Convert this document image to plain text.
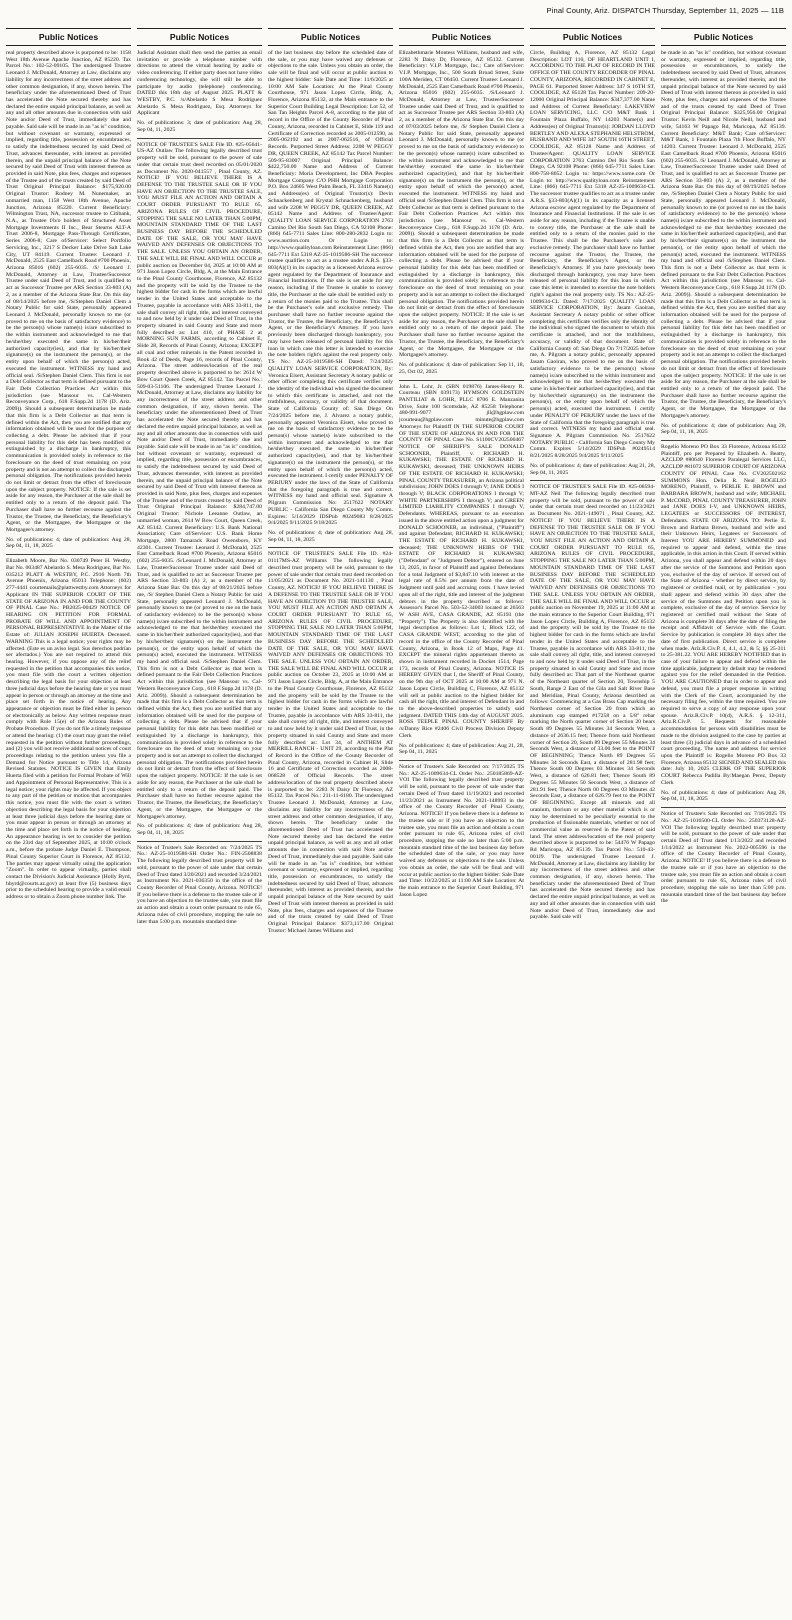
Pinal County, Ariz. DISPATCH Thursday, September 11, 2025 — 11B
Public Notices

real property described above is purported to be: 1158 West 18th Avenue Apache Junction, AZ 85220. Tax Parcel No.: 102-52-09105. The undersigned Trustee Leonard J. McDonald, Attorney at Law, disclaims any liability for any incorrectness of the street address and other common designation, if any, shown herein. The beneficiary under the aforementioned Deed of Trust has accelerated the Note secured thereby and has declared the entire unpaid principal balance, as well as any and all other amounts due in connection with said Note and/or Deed of Trust, immediately due and payable. Said sale will be made in an "as is" condition, but without covenant or warranty, expressed or implied, regarding title, possession or encumbrances, to satisfy the indebtedness secured by said Deed of Trust, advances thereunder, with interest as provided therein, and the unpaid principal balance of the Note secured by said Deed of Trust with interest thereon as provided in said Note, plus fees, charges and expenses of the Trustee and of the trusts created by said Deed of Trust Original Principal Balance: $175,920.00 Original Trustor: Rodney M. Nunemaker, an unmarried man, 1158 West 18th Avenue, Apache Junction, Arizona 85220. Current Beneficiary: Wilmington Trust, NA, successor trustee to Citibank, N.A., as Trustee f/b/o holders of Structured Asset Mortgage Investments II Inc., Bear Stearns ALT-A Trust 2006-8, Mortgage Pass-Through Certificates, Series 2006-8; Care of/Servicer: Select Portfolio Servicing, Inc., 3217 S Decker Lake Drive Salt Lake City, UT 84119. Current Trustee: Leonard J. McDonald, 2525 East Camelback Road #700 Phoenix, Arizona 85016 (602) 255-6035. /S/ Leonard J. McDonald, Attorney at Law, Trustee/Successor Trustee under said Deed of Trust, and is qualified to act as Successor Trustee per ARS Section 33-803 (A) 2, as a member of the Arizona State Bar. On this day of 08/14/2025 before me, /S/Stephen Daniel Clem a Notary Public for said State, personally appeared Leonard J. McDonald, personally known to me (or proved to me on the basis of satisfactory evidence) to be the person(s) whose name(s) is/are subscribed to the within instrument and acknowledged to me that he/she/they executed the same in his/her/their authorized capacity(ies), and that by his/her/their signature(s) on the instrument the person(s), or the entity upon behalf of which the person(s) acted, executed the instrument. WITNESS my hand and official seal. /S/Stephen Daniel Clem. This firm is not a Debt Collector as that term is defined pursuant to the Fair Debt Collection Practices Act within this jurisdiction (see Mansour vs. Cal-Western Reconveyance Corp., 618 F.Supp.2d 1178 (D. Ariz. 2009)). Should a subsequent determination be made that this firm is a Debt Collector as that term is defined within the Act, then you are notified that any information obtained will be used for the purpose of collecting a debt. Please be advised that if your personal liability for this debt has been modified or extinguished by a discharge in bankruptcy, this communication is provided solely in reference to the foreclosure on the deed of trust remaining on your property and is not an attempt to collect the discharged personal obligation. The notifications provided herein do not limit or detract from the effect of foreclosure upon the subject property. NOTICE: If the sale is set aside for any reason, the Purchaser at the sale shall be entitled only to a return of the deposit paid. The Purchaser shall have no further recourse against the Trustor, the Trustee, the Beneficiary, the Beneficiary's Agent, or the Mortgagee, the Mortgagee or the Mortgagee's attorney.

No. of publications: 4; date of publication: Aug 28, Sep 04, 11, 18, 2025

Elizabeth Moore, Bar No. 030749 Peter H. Westby, Bar No. 003487 Abelardo S. Mesa Rodriguez, Bar No. 035212 PLATT & WESTBY, P.C. 2916 North 7th Avenue Phoenix, Arizona 85013 Telephone: (602) 277-4441 courtemails@plattwestby.com Attorneys for Applicant IN THE SUPERIOR COURT OF THE STATE OF ARIZONA IN AND FOR THE COUNTY OF PINAL Case No.: PB2025-00429 NOTICE OF HEARING ON PETITION FOR FORMAL PROBATE OF WILL AND APPOINTMENT OF PERSONAL REPRESENTATIVE In the Matter of the Estate of: JULIAN JOSEPH HUERTA Deceased. WARNING This is a legal notice; your rights may be affected. (Este es un aviso legal. Sus derechos podrían ser afectados.) You are not required to attend this hearing. However, if you oppose any of the relief requested in the petition that accompanies this notice, you must file with the court a written objection describing the legal basis for your objection at least three judicial days before the hearing date or you must appear in person or through an attorney at the time and place set forth in the notice of hearing. Any appearance or objection must be filed either in person or electronically as below. Any written response must comply with Rule 15(e) of the Arizona Rules of Probate Procedure. If you do not file a timely response or attend the hearing: (1) the court may grant the relief requested in the petition without further proceedings, and (2) you will not receive additional notices of court proceedings relating to the petition unless you file a Demand for Notice pursuant to Title 14, Arizona Revised Statutes. NOTICE IS GIVEN that Emily Huerta filed with a petition for Formal Probate of Will and Appointment of Personal Representative. This is a legal notice; your rights may be affected. If you object to any part of the petition or motion that accompanies this notice, you must file with the court a written objection describing the legal basis for your objection at least three judicial days before the hearing date or you must appear in person or through an attorney at the time and place set forth in the notice of hearing. An appearance hearing is set to consider the petition on the 23rd day of September 2025, at 10:00 o'clock a.m., before the probate Judge Daniel E. Thompson, Pinal County Superior Court in Florence, AZ 85132. The parties may appear virtually using the application "Zoom". In order to appear virtually, parties shall contact the Division's Judicial Assistance (Holly Byrd, hbyrd@courts.az.gov) at least five (5) business days prior to the scheduled hearing to provide a valid email address or to obtain a Zoom phone number link. The

Public Notices

Judicial Assistant shall then send the parties an email invitation or provide a telephone number with directions to attend the virtual hearing by audio or video conferencing. If either party does not have video conferencing technology, she will still be able to participate by audio (telephone) conferencing. DATED this 18th day of August 2025. PLATT & WESTBY, P.C. /s/Abelardo S Mesa Rodriguez Abelardo S. Mesa Rodriguez, Esq. Attorneys for Applicant

No. of publications: 3; date of publication: Aug 28, Sep 04, 11, 2025

NOTICE OF TRUSTEE'S SALE File ID. #25-05641-US-AZ Outlaw The following legally described trust property will be sold, pursuant to the power of sale under that certain trust deed recorded on 05/01/2020 as Document No. 2020-041557 , Pinal County, AZ. NOTICE! IF YOU BELIEVE THERE IS A DEFENSE TO THE TRUSTEE SALE OR IF YOU HAVE AN OBJECTION TO THE TRUSTEE SALE, YOU MUST FILE AN ACTION AND OBTAIN A COURT ORDER PURSUANT TO RULE 65, ARIZONA RULES OF CIVIL PROCEDURE, STOPPING THE SALE NO LATER THAN 5:00PM, MOUNTAIN STANDARD TIME OF THE LAST BUSINESS DAY BEFORE THE SCHEDULED DATE OF THE SALE, OR YOU MAY HAVE WAIVED ANY DEFENSES OR OBJECTIONS TO THE SALE. UNLESS YOU OBTAIN AN ORDER, THE SALE WILL BE FINAL AND WILL OCCUR at public auction on December 04, 2025 at 10:00 AM at 971 Jason Lopez Circle, Bldg. A, at the Main Entrance to the Pinal County Courthouse, Florence, AZ 85132 and the property will be sold by the Trustee to the highest bidder for cash in the forms which are lawful tender in the United States and acceptable to the Trustee, payable in accordance with ARS 33-811, the sale shall convey all right, title, and interest conveyed to and now held by it under said Deed of Trust, in the property situated in said County and State and more fully described as: Lot 410, of PHASE 2 at MORNING SUN FARMS, according to Cabinet E, Slide 28, Records of Pinal County, Arizona; EXCEPT all coal and other minerals in the Patent recorded in Book 42 of Deeds, Page 16, records of Pinal County, Arizona. The street address/location of the real property described above is purported to be: 2614 W Bow Court Queen Creek, AZ 85142. Tax Parcel No.: 509-03-51106. The undersigned Trustee Leonard J. McDonald, Attorney at Law, disclaims any liability for any incorrectness of the street address and other common designation, if any, shown herein. The beneficiary under the aforementioned Deed of Trust has accelerated the Note secured thereby and has declared the entire unpaid principal balance, as well as any and all other amounts due in connection with said Note and/or Deed of Trust, immediately due and payable. Said sale will be made in an "as is" condition, but without covenant or warranty, expressed or implied, regarding title, possession or encumbrances, to satisfy the indebtedness secured by said Deed of Trust, advances thereunder, with interest as provided therein, and the unpaid principal balance of the Note secured by said Deed of Trust with interest thereon as provided in said Note, plus fees, charges and expenses of the Trustee and of the trusts created by said Deed of Trust Original Principal Balance: $284,747.00 Original Trustor: Nichole Leeanne Outlaw, an unmarried woman, 2614 W Bow Court, Queen Creek, AZ 85142. Current Beneficiary: U.S. Bank National Association; Care of/Servicer: U.S. Bank Home Mortgage, 2800 Tamarack Road Owensboro, KY 42301. Current Trustee: Leonard J. McDonald, 2525 East Camelback Road #700 Phoenix, Arizona 85016 (602) 255-6035. /S/Leonard J. McDonald, Attorney at Law, Trustee/Successor Trustee under said Deed of Trust, and is qualified to act as Successor Trustee per ARS Section 33-803 (A) 2, as a member of the Arizona State Bar. On this day of 08/21/2025 before me, /S/ Stephen Daniel Clem a Notary Public for said State, personally appeared Leonard J. McDonald, personally known to me (or proved to me on the basis of satisfactory evidence) to be the person(s) whose name(s) is/are subscribed to the within instrument and acknowledged to me that he/she/they executed the same in his/her/their authorized capacity(ies), and that by his/her/their signature(s) on the instrument the person(s), or the entity upon behalf of which the person(s) acted, executed the instrument. WITNESS my hand and official seal. /S/Stephen Daniel Clem. This firm is not a Debt Collector as that term is defined pursuant to the Fair Debt Collection Practices Act within this jurisdiction (see Mansour vs. Cal-Western Reconveyance Corp., 618 F.Supp.2d 1178 (D. Ariz. 2009)). Should a subsequent determination be made that this firm is a Debt Collector as that term is defined within the Act, then you are notified that any information obtained will be used for the purpose of collecting a debt. Please be advised that if your personal liability for this debt has been modified or extinguished by a discharge in bankruptcy, this communication is provided solely in reference to the foreclosure on the deed of trust remaining on your property and is not an attempt to collect the discharged personal obligation. The notifications provided herein do not limit or detract from the effect of foreclosure upon the subject property. NOTICE: If the sale is set aside for any reason, the Purchaser at the sale shall be entitled only to a return of the deposit paid. The Purchaser shall have no further recourse against the Trustor, the Trustee, the Beneficiary, the Beneficiary's Agent, or the Mortgagee, the Mortgagee or the Mortgagee's attorney.

No. of publications: 4; date of publication: Aug 28, Sep 04, 11, 18, 2025

Notice of Trustee's Sale Recorded on: 7/24/2025 TS No.: AZ-25-1019586-SH Order No.: FIN-2508838 The following legally described trust property will be sold, pursuant to the power of sale under that certain Deed of Trust dated 3/20/2021 and recorded 3/24/2021 as Instrument No. 2021-036350 in the office of the County Recorder of Pinal County, Arizona. NOTICE! If you believe there is a defense to the trustee sale or if you have an objection to the trustee sale, you must file an action and obtain a court order pursuant to rule 65, Arizona rules of civil procedure, stopping the sale no later than 5:00 p.m. mountain standard time

Public Notices

of the last business day before the scheduled date of the sale, or you may have waived any defenses or objections to the sale. Unless you obtain an order, the sale will be final and will occur at public auction to the highest bidder: Sale Date and Time: 11/6/2025 at 10:00 AM Sale Location: At the Pinal County Courthouse, 971 Jason Lopez Circle, Bldg. A, Florence, Arizona 85132, at the Main entrance to the Superior Court Building Legal Description: Lot 52, of San Tan Heights Parcel A-8, according to the plat of record in the Office of the County Recorder of Pinal County, Arizona, recorded in Cabinet E, Slide 119 and Certificate of Correction recorded as 2005-012590, as 2005-062192 and as 2007-062516, of Official Records. Purported Street Address: 2208 W PEGGY DR, QUEEN CREEK, AZ 85142 Tax Parcel Number: 509-95-83007 Original Principal Balance: $422,750.00 Name and Address of Current Beneficiary: Moria Development, Inc DBA Peoples Mortgage Company C/O PHH Mortgage Corporation P.O. Box 24605 West Palm Beach, FL 33416 Name(s) and Address(es) of Original Trustor(s): Devin Schnackenberg and Krystal Schnackenberg, husband and wife 2208 W PEGGY DR, QUEEN CREEK, AZ 85142 Name and Address of Trustee/Agent: QUALITY LOAN SERVICE CORPORATION 2763 Camino Del Rio South San Diego, CA 92108 Phone: (866) 645-7711 Sales Line: 800-280-2832 Login to: www.auction.com Or Login to: http://www.qualityloan.com Reinstatement Line: (866) 645-7711 Ext 5318 AZ-25-1019586-SH The successor trustee qualifies to act as a trustee under A.R.S. §33-803(A)(1) in its capacity as a licensed Arizona escrow agent regulated by the Department of Insurance and Financial Institutions. If the sale is set aside for any reason, including if the Trustee is unable to convey title, the Purchaser at the sale shall be entitled only to a return of the monies paid to the Trustee. This shall be the Purchaser's sole and exclusive remedy. The purchaser shall have no further recourse against the Trustor, the Trustee, the Beneficiary, the Beneficiary's Agent, or the Beneficiary's Attorney. If you have previously been discharged through bankruptcy, you may have been released of personal liability for this loan in which case this letter is intended to exercise the note holders right's against the real property only. TS No.: AZ-25-1019586-SH Dated: 7/24/2025 QUALITY LOAN SERVICE CORPORATION, By: Veronica Eisert, Assistant Secretary A notary public or other officer completing this certificate verifies only the identity of the individual who signed the document to which this certificate is attached, and not the truthfulness, accuracy, or validity of that document. State of California County of: San Diego On 7/24/2025 before me, J. Alvarez a notary public, personally appeared Veronica Eisert, who proved to me on the basis of satisfactory evidence to be the person(s) whose name(s) is/are subscribed to the within instrument and acknowledged to me that he/she/they executed the same in his/her/their authorized capacity(ies), and that by his/her/their signature(s) on the instrument the person(s), or the entity upon behalf of which the person(s) acted, executed the instrument. I certify under PENALTY OF PERJURY under the laws of the State of California that the foregoing paragraph is true and correct. WITNESS my hand and official seal. Signature A Pilgram Commission No: 2517622 NOTARY PUBLIC - California San Diego County My Comm. Expires: 5/14/2029 IDSPub #0249083 8/28/2025 9/4/2025 9/11/2025 9/18/2025

No. of publications: 4; date of publication: Aug 28, Sep 04, 11, 18, 2025

NOTICE OF TRUSTEE'S SALE File ID. #24-01117MS-AZ Williams The following legally described trust property will be sold, pursuant to the power of sale under that certain trust deed recorded on 11/05/2021 as Document No. 2021-141130 , Pinal County, AZ. NOTICE! IF YOU BELIEVE THERE IS A DEFENSE TO THE TRUSTEE SALE OR IF YOU HAVE AN OBJECTION TO THE TRUSTEE SALE, YOU MUST FILE AN ACTION AND OBTAIN A COURT ORDER PURSUANT TO RULE 65, ARIZONA RULES OF CIVIL PROCEDURE, STOPPING THE SALE NO LATER THAN 5:00PM, MOUNTAIN STANDARD TIME OF THE LAST BUSINESS DAY BEFORE THE SCHEDULED DATE OF THE SALE, OR YOU MAY HAVE WAIVED ANY DEFENSES OR OBJECTIONS TO THE SALE. UNLESS YOU OBTAIN AN ORDER, THE SALE WILL BE FINAL AND WILL OCCUR at public auction on October 23, 2025 at 10:00 AM at 971 Jason Lopez Circle, Bldg. A, at the Main Entrance to the Pinal County Courthouse, Florence, AZ 85132 and the property will be sold by the Trustee to the highest bidder for cash in the forms which are lawful tender in the United States and acceptable to the Trustee, payable in accordance with ARS 33-811, the sale shall convey all right, title, and interest conveyed to and now held by it under said Deed of Trust, in the property situated in said County and State and more fully described as: Lot 34, of ANTHEM AT MERRILL RANCH - UNIT 29, according to the Plat of Record in the Office of the County Recorder of Pinal County, Arizona, recorded in Cabinet H, Slide 16 and Certificate of Correction recorded as 2008-068528 of Official Records. The street address/location of the real property described above is purported to be: 2283 N Daisy Dr Florence, AZ 85132. Tax Parcel No.: 211-11-6180. The undersigned Trustee Leonard J. McDonald, Attorney at Law, disclaims any liability for any incorrectness of the street address and other common designation, if any, shown herein. The beneficiary under the aforementioned Deed of Trust has accelerated the Note secured thereby and has declared the entire unpaid principal balance, as well as any and all other amounts due in connection with said Note and/or Deed of Trust, immediately due and payable. Said sale will be made in an "as is" condition, but without covenant or warranty, expressed or implied, regarding title, possession or encumbrances, to satisfy the indebtedness secured by said Deed of Trust, advances thereunder, with interest as provided therein, and the unpaid principal balance of the Note secured by said Deed of Trust with interest thereon as provided in said Note, plus fees, charges and expenses of the Trustee and of the trusts created by said Deed of Trust Original Principal Balance: $373,117.00 Original Trustor: Michael James Williams and

Public Notices

Elizabethmarie Montess Williams, husband and wife, 2283 N Daisy Dr, Florence, AZ 85132. Current Beneficiary: V.I.P. Mortgage, Inc.; Care of/Servicer: V.I.P. Mortgage, Inc., 500 South Broad Street, Suite 100A Meriden, CT 06450. Current Trustee: Leonard J. McDonald, 2525 East Camelback Road #700 Phoenix, Arizona 85016 (602) 255-6035. /S/Leonard J. McDonald, Attorney at Law, Trustee/Successor Trustee under said Deed of Trust, and is qualified to act as Successor Trustee per ARS Section 33-803 (A) 2, as a member of the Arizona State Bar. On this day of 07/03/2025 before me, /S/ Stephen Daniel Clem a Notary Public for said State, personally appeared Leonard J. McDonald, personally known to me (or proved to me on the basis of satisfactory evidence) to be the person(s) whose name(s) is/are subscribed to the within instrument and acknowledged to me that he/she/they executed the same in his/her/their authorized capacity(ies), and that by his/her/their signature(s) on the instrument the person(s), or the entity upon behalf of which the person(s) acted, executed the instrument. WITNESS my hand and official seal /S/Stephen Daniel Clem. This firm is not a Debt Collector as that term is defined pursuant to the Fair Debt Collection Practices Act within this jurisdiction (see Mansour vs. Cal-Western Reconveyance Corp., 618 F.Supp.2d 1178 (D. Ariz. 2009)). Should a subsequent determination be made that this firm is a Debt Collector as that term is defined within the Act, then you are notified that any information obtained will be used for the purpose of collecting a debt. Please be advised that if your personal liability for this debt has been modified or extinguished by a discharge in bankruptcy, this communication is provided solely in reference to the foreclosure on the deed of trust remaining on your property and is not an attempt to collect the discharged personal obligation. The notifications provided herein do not limit or detract from the effect of foreclosure upon the subject property. NOTICE: If the sale is set aside for any reason, the Purchaser at the sale shall be entitled only to a return of the deposit paid. The Purchaser shall have no further recourse against the Trustor, the Trustee, the Beneficiary, the Beneficiary's Agent, or the Mortgagee, the Mortgagee or the Mortgagee's attorney.

No. of publications: 4; date of publication: Sep 11, 18, 25, Oct 02, 2025

John L. Lohr, Jr. (SBN 019876) James-Henry R. Courteau (SBN 039173) HYMSON GOLDSTEIN PANTILIAT & LOHR, PLLC 8706 E. Manzanita Drive, Suite 100 Scottsdale, AZ 85258 Telephone: 480-991-9077 jll@hgplaw.com jcourteau@hgplaw.com minute@hgplaw.com Attorneys for Plaintiff IN THE SUPERIOR COURT OF THE STATE OF ARIZONA IN AND FOR THE COUNTY OF PINAL Case No. S1100CV202500467 NOTICE OF SHERIFF'S SALE DONALD SCHOONER, Plaintiff, v. RICHARD H. KUKAWSKI; THE ESTATE OF RICHARD H. KUKAWSKI, deceased; THE UNKNOWN HEIRS OF THE ESTATE OF RICHARD H. KUKAWSKI; PINAL COUNTY TREASURER, an Arizona political subdivision; JOHN DOES I through V; JANE DOES I through V; BLACK CORPORATIONS I through V; WHITE PARTNERSHIPS I through V; and GREEN LIMITED LIABILITY COMPANIES I through V, Defendants. WHEREAS, pursuant to an execution issued in the above entitled action upon a judgment for DONALD SCHOONER, an individual, ("Plaintiff") and against Defendant, RICHARD H. KUKAWSKI; THE ESTATE OF RICHARD H. KUKAWSKI, deceased; THE UNKNOWN HEIRS OF THE ESTATE OF RICHARD H. KUKAWSKI ("Defendant" or "Judgment Debtor"), entered on June 13, 2025, in favor of Plaintiff and against Defendants for a total Judgment of $3,847.10 with interest at the legal rate of 8.5% per annum from the date of Judgment until paid and accruing costs. I have levied upon all of the right, title and interest of the judgment debtors in the property described as follows: Assessor's Parcel No. 503-52-34003 located at 26563 W ASH AVE, CASA GRANDE, AZ 85193 (the "Property"). The Property is also identified with the legal description as follows: Lot 1, Block 122, of CASA GRANDE WEST, according to the plat of record in the office of the County Recorder of Pinal County, Arizona, in Book 12 of Maps, Page 41. EXCEPT the mineral rights appurtenant thereto as shown in instrument recorded in Docket 1514, Page 173, records of Pinal County, Arizona. NOTICE IS HEREBY GIVEN that I, the Sheriff of Pinal County, on the 9th day of OCT 2025 at 10:00 AM at 971 N. Jason Lopez Circle, Building C, Florence, AZ 85132 will sell at public auction to the highest bidder for cash all the right, title and interest of Defendant in and to the above-described properties to satisfy said judgment. DATED THIS 14th day of AUGUST 2025. ROSS TEEPLE PINAL COUNTY SHERIFF By /s/Danny Rice #2406 Civil Process Division Deputy Clerk

No. of publications: 4; date of publication: Aug 21, 28, Sep 04, 11, 2025

Notice of Trustee's Sale Recorded on: 7/17/2025 TS No.: AZ-25-1009634-CL Order No.: 250185869-AZ-VOI The following legally described trust property will be sold, pursuant to the power of sale under that certain Deed of Trust dated 11/19/2021 and recorded 11/23/2021 as Instrument No. 2021-148993 in the office of the County Recorder of Pinal County, Arizona. NOTICE! If you believe there is a defense to the trustee sale or if you have an objection to the trustee sale, you must file an action and obtain a court order pursuant to rule 65, Arizona rules of civil procedure, stopping the sale no later than 5:00 p.m. mountain standard time of the last business day before the scheduled date of the sale, or you may have waived any defenses or objections to the sale. Unless you obtain an order, the sale will be final and will occur at public auction to the highest bidder: Sale Date and Time: 10/22/2025 at 11:00 AM Sale Location: At the main entrance to the Superior Court Building, 971 Jason Lopez

Public Notices

Circle, Building A, Florence, AZ 85132 Legal Description: LOT 110, OF HEARTLAND UNIT I, ACCORDING TO THE PLAT OF RECORD IN THE OFFICE OF THE COUNTY RECORDER OF PINAL COUNTY, ARIZONA, RECORDED IN CABINET E, PAGE 61. Purported Street Address: 347 S 16TH ST, COOLIDGE, AZ 85128 Tax Parcel Number: 209-20-12000 Original Principal Balance: $347,377.00 Name and Address of Current Beneficiary: LAKEVIEW LOAN SERVICING, LLC C/O M&T Bank 1 Fountain Plaza Buffalo, NY 14203 Name(s) and Address(es) of Original Trustor(s): JORDAN LLOYD BERTLEY AND ALEXA STEPHANIE HELSTROM, HUSBAND AND WIFE 347 SOUTH 16TH STREET, COOLIDGE, AZ 85128 Name and Address of Trustee/Agent: QUALITY LOAN SERVICE CORPORATION 2763 Camino Del Rio South San Diego, CA 92108 Phone: (866) 645-7711 Sales Line: 800-758-8052 Login to: https://www.xome.com Or Login to: http://www.qualityloan.com Reinstatement Line: (866) 645-7711 Ext 5318 AZ-25-1009634-CL The successor trustee qualifies to act as a trustee under A.R.S. §33-803(A)(1) in its capacity as a licensed Arizona escrow agent regulated by the Department of Insurance and Financial Institutions. If the sale is set aside for any reason, including if the Trustee is unable to convey title, the Purchaser at the sale shall be entitled only to a return of the monies paid to the Trustee. This shall be the Purchaser's sole and exclusive remedy. The purchaser shall have no further recourse against the Trustor, the Trustee, the Beneficiary, the Beneficiary's Agent, or the Beneficiary's Attorney. If you have previously been discharged through bankruptcy, you may have been released of personal liability for this loan in which case this letter is intended to exercise the note holders right's against the real property only. TS No.: AZ-25-1009634-CL Dated: 7/17/2025 QUALITY LOAN SERVICE CORPORATION, By: Jasam Gaoiran, Assistant Secretary A notary public or other officer completing this certificate verifies only the identity of the individual who signed the document to which this certificate is attached, and not the truthfulness, accuracy, or validity of that document. State of: California County of: San Diego On 7/17/2025 before me, A. Pilgram a notary public, personally appeared Jasam Gaoiran, who proved to me on the basis of satisfactory evidence to be the person(s) whose name(s) is/are subscribed to the within instrument and acknowledged to me that he/she/they executed the same in his/her/their authorized capacity(ies), and that by his/her/their signature(s) on the instrument the person(s), or the entity upon behalf of which the person(s) acted, executed the instrument. I certify under PENALTY OF PERJURY under the laws of the State of California that the foregoing paragraph is true and correct. WITNESS my hand and official seal. Signature A. Pilgram Commission No. 2517622 NOTARY PUBLIC - California San Diego County My Comm. Expires 5/14/2029 IDSPub #0249514 8/21/2025 8/28/2025 9/4/2025 9/11/2025

No. of publications: 4; date of publication: Aug 21, 28, Sep 04, 11, 2025

NOTICE OF TRUSTEE'S SALE File ID. #25-08594-MT-AZ Neil The following legally described trust property will be sold, pursuant to the power of sale under that certain trust deed recorded on 11/23/2021 as Document No. 2021-149071 , Pinal County, AZ. NOTICE! IF YOU BELIEVE THERE IS A DEFENSE TO THE TRUSTEE SALE OR IF YOU HAVE AN OBJECTION TO THE TRUSTEE SALE, YOU MUST FILE AN ACTION AND OBTAIN A COURT ORDER PURSUANT TO RULE 65, ARIZONA RULES OF CIVIL PROCEDURE, STOPPING THE SALE NO LATER THAN 5:00PM, MOUNTAIN STANDARD TIME OF THE LAST BUSINESS DAY BEFORE THE SCHEDULED DATE OF THE SALE, OR YOU MAY HAVE WAIVED ANY DEFENSES OR OBJECTIONS TO THE SALE. UNLESS YOU OBTAIN AN ORDER, THE SALE WILL BE FINAL AND WILL OCCUR at public auction on November 19, 2025 at 11:00 AM at the main entrance to the Superior Court Building, 971 Jason Lopez Circle, Building A, Florence, AZ 85132 and the property will be sold by the Trustee to the highest bidder for cash in the forms which are lawful tender in the United States and acceptable to the Trustee, payable in accordance with ARS 33-811, the sale shall convey all right, title, and interest conveyed to and now held by it under said Deed of Trust, in the property situated in said County and State and more fully described as: That part of the Northeast quarter of the Northeast quarter of Section 20, Township 5 South, Range 2 East of the Gila and Salt River Base and Meridian, Pinal County, Arizona described as follows: Commencing at a Gas Brass Cap marking the Northeast corner of Section 20 from which an aluminum cap stamped #17258 on a 5/8" rebar marking the North quarter corner of Section 20 bears South 89 Degrees 55 Minutes 34 Seconds West, a distance of 2636.15 feet; Thence from said Northeast corner of Section 20, South 89 Degrees 55 Minutes 34 Seconds West, a distance of 33.00 feet to the POINT OF BEGINNING; Thence North 89 Degrees 55 Minutes 34 Seconds East, a distance of 281.98 feet; Thence South 00 Degrees 03 Minutes 34 Seconds West, a distance of 626.81 feet; Thence South 89 Degrees 55 Minutes 50 Seconds West, a distance of 281.91 feet; Thence North 00 Degrees 03 Minutes 42 Seconds East, a distance of 626.79 feet to the POINT OF BEGINNING. Except all minerals and all uranium, thorium or any other material which is or may be determined to be peculiarly essential to the production of fissionable materials, whether or not of commercial value as reserved in the Patent of said land. The street address/location of the real property described above is purported to be: 54476 W Papago Rd Maricopa, AZ 85139. Tax Parcel No.: 510-43-001J9. The undersigned Trustee Leonard J. McDonald, Attorney at Law, disclaims any liability for any incorrectness of the street address and other common designation, if any, shown herein. The beneficiary under the aforementioned Deed of Trust has accelerated the Note secured thereby and has declared the entire unpaid principal balance, as well as any and all other amounts due in connection with said Note and/or Deed of Trust, immediately due and payable. Said sale will

Public Notices

be made in an "as is" condition, but without covenant or warranty, expressed or implied, regarding title, possession or encumbrances, to satisfy the indebtedness secured by said Deed of Trust, advances thereunder, with interest as provided therein, and the unpaid principal balance of the Note secured by said Deed of Trust with interest thereon as provided in said Note, plus fees, charges and expenses of the Trustee and of the trusts created by said Deed of Trust Original Principal Balance: $325,956.00 Original Trustor: Kevin Neill and Nicole Neill, husband and wife, 54163 W Papago Rd, Maricopa, AZ 85139. Current Beneficiary: M&T Bank; Care of/Servicer: M&T Bank, 1 Fountain Plaza 7th Floor Buffalo, NY 14203. Current Trustee: Leonard J. McDonald, 2525 East Camelback Road #700 Phoenix, Arizona 85016 (602) 255-6035. /S/ Leonard J. McDonald, Attorney at Law, Trustee/Successor Trustee under said Deed of Trust, and is qualified to act as Successor Trustee per ARS Section 33-803 (A) 2, as a member of the Arizona State Bar. On this day of 08/19/2025 before me, /S/Stephen Daniel Clem a Notary Public for said State, personally appeared Leonard J. McDonald, personally known to me (or proved to me on the basis of satisfactory evidence) to be the person(s) whose name(s) is/are subscribed to the within instrument and acknowledged to me that he/she/they executed the same in his/her/their authorized capacity(ies), and that by his/her/their signature(s) on the instrument the person(s), or the entity upon behalf of which the person(s) acted, executed the instrument. WITNESS my hand and official seal /S/Stephen Daniel Clem. This firm is not a Debt Collector as that term is defined pursuant to the Fair Debt Collection Practices Act within this jurisdiction (see Mansour vs. Cal-Western Reconveyance Corp., 618 F.Supp.2d 1178 (D. Ariz. 2009)). Should a subsequent determination be made that this firm is a Debt Collector as that term is defined within the Act, then you are notified that any information obtained will be used for the purpose of collecting a debt. Please be advised that if your personal liability for this debt has been modified or extinguished by a discharge in bankruptcy, this communication is provided solely in reference to the foreclosure on the deed of trust remaining on your property and is not an attempt to collect the discharged personal obligation. The notifications provided herein do not limit or detract from the effect of foreclosure upon the subject property. NOTICE: If the sale is set aside for any reason, the Purchaser at the sale shall be entitled only to a return of the deposit paid. The Purchaser shall have no further recourse against the Trustor, the Trustee, the Beneficiary, the Beneficiary's Agent, or the Mortgagee, the Mortgagee or the Mortgagee's attorney.

No. of publications: 4; date of publication: Aug 28, Sep 04, 11, 18, 2025

Rogelio Moreno PO Box 33 Florence, Arizona 85132 Plaintiff, pro per Prepared by Elizabeth A. Beatty, AZCLDP #80640 Florence Paralegal Services LLC, AZCLDP #81072 SUPERIOR COURT OF ARIZONA COUNTY OF PINAL Case No. CV202502162 SUMMONS Hon. Delia R. Neal ROGELIO MORENO, Plaintiff, v. PERLIE E. BROWN and BARBARA BROWN, husband and wife; MICHAEL P. McCORD, PINAL COUNTY TREASURER, JOHN and JANE DOES I-V, and UNKNOWN HEIRS, LEGATEES or SUCCESSORS OF INTEREST, Defendants. STATE OF ARIZONA TO: Perlie E. Brown and Barbara Brown, husband and wife and their Unknown Heirs, Legatees or Successors of Interest YOU ARE HEREBY SUMMONED and required to appear and defend, within the time applicable, in this action in this Court. If served within Arizona, you shall appear and defend within 20 days after the service of the Summons and Petition upon you, exclusive of the day of service. If served out of the State of Arizona - whether by direct service, by registered or certified mail, or by publication - you shall appear and defend within 30 days after the service of the Summons and Petition upon you is complete, exclusive of the day of service. Service by registered or certified mail without the State of Arizona is complete 30 days after the date of filing the receipt and Affidavit of Service with the Court. Service by publication is complete 30 days after the date of first publication. Direct service is complete when made. Ariz.R.Civ.P. 4, 4.1, 4.2, & 5; §§ 25-311 to 25-381.22. YOU ARE HEREBY NOTIFIED that in case of your failure to appear and defend within the time applicable, judgment by default may be rendered against you for the relief demanded in the Petition. YOU ARE CAUTIONED that in order to appear and defend, you must file a proper response in writing with the Clerk of the Court, accompanied by the necessary filing fee, within the time required. You are required to serve a copy of any response upon your spouse. Ariz.R.Civ.P. 10(d), A.R.S. § 12-311, Ariz.R.Civ.P. 5. Requests for reasonable accommodation for persons with disabilities must be made to the division assigned to the case by parties at least three (3) judicial days in advance of a scheduled court proceeding. The name and address for service upon the Plaintiff is: Rogelio Moreno PO Box 33 Florence, Arizona 85132 SIGNED AND SEALED this date: July 10, 2025 CLERK OF THE SUPERIOR COURT Rebecca Padilla By:Maegan Perez, Deputy Clerk

No. of publications: 4; date of publication: Aug 28, Sep 04, 11, 18, 2025

Notice of Trustee's Sale Recorded on: 7/16/2025 TS No.: AZ-25-1016500-CL Order No.: 250373128-AZ-VOI The following legally described trust property will be sold, pursuant to the power of sale under that certain Deed of Trust dated 1/13/2022 and recorded 1/14/2022 as Instrument No. 2022-005596 in the office of the County Recorder of Pinal County, Arizona. NOTICE! If you believe there is a defense to the trustee sale or if you have an objection to the trustee sale, you must file an action and obtain a court order pursuant to rule 65, Arizona rules of civil procedure, stopping the sale no later than 5:00 p.m. mountain standard time of the last business day before the
